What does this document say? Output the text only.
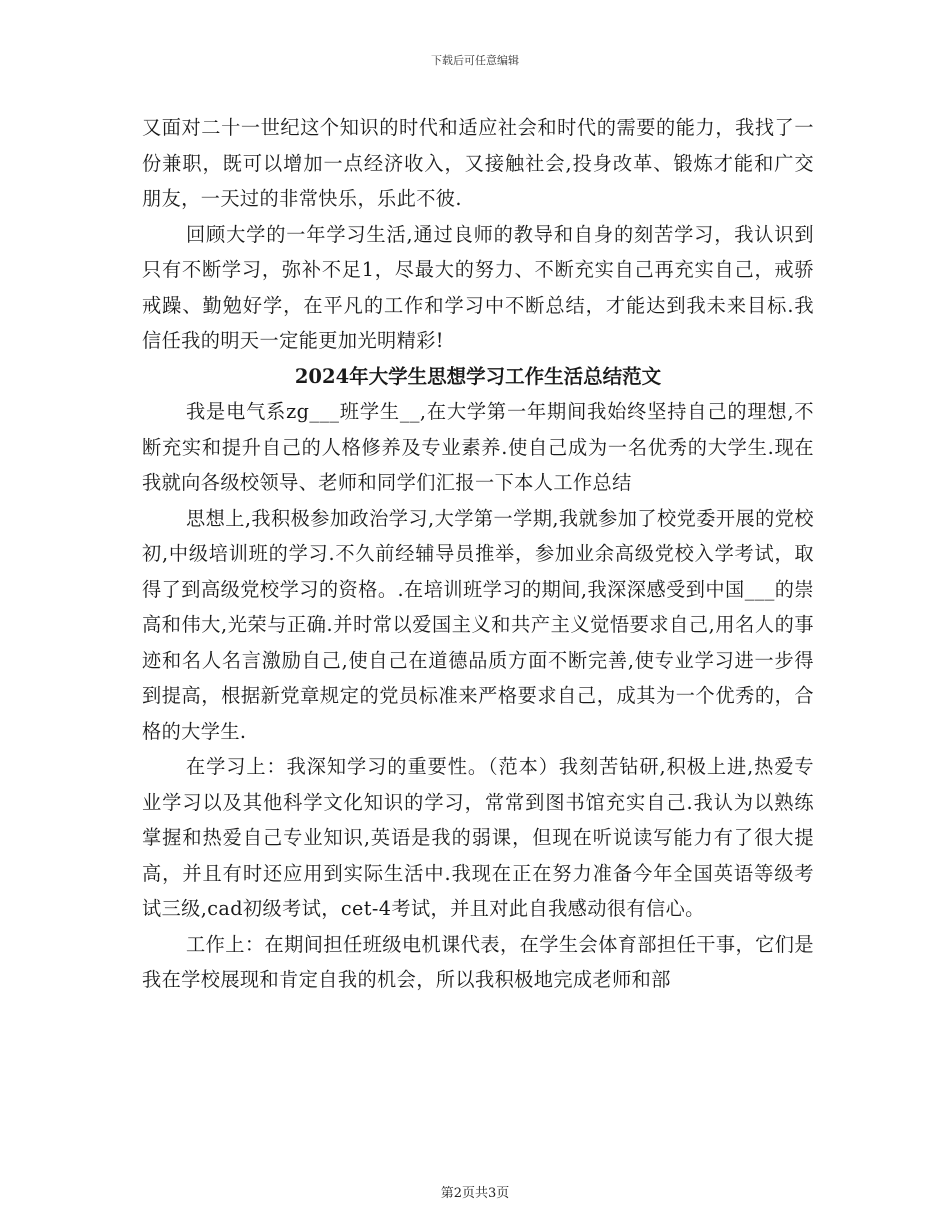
下载后可任意编辑

又面对二十一世纪这个知识的时代和适应社会和时代的需要的能力，我找了一份兼职，既可以增加一点经济收入，又接触社会,投身改革、锻炼才能和广交朋友，一天过的非常快乐，乐此不彼.

回顾大学的一年学习生活,通过良师的教导和自身的刻苦学习，我认识到只有不断学习，弥补不足1，尽最大的努力、不断充实自己再充实自己，戒骄戒躁、勤勉好学，在平凡的工作和学习中不断总结，才能达到我未来目标.我信任我的明天一定能更加光明精彩!

2024年大学生思想学习工作生活总结范文

我是电气系zg___班学生__,在大学第一年期间我始终坚持自己的理想,不断充实和提升自己的人格修养及专业素养.使自己成为一名优秀的大学生.现在我就向各级校领导、老师和同学们汇报一下本人工作总结

思想上,我积极参加政治学习,大学第一学期,我就参加了校党委开展的党校初,中级培训班的学习.不久前经辅导员推举，参加业余高级党校入学考试，取得了到高级党校学习的资格。.在培训班学习的期间,我深深感受到中国___的崇高和伟大,光荣与正确.并时常以爱国主义和共产主义觉悟要求自己,用名人的事迹和名人名言激励自己,使自己在道德品质方面不断完善,使专业学习进一步得到提高，根据新党章规定的党员标准来严格要求自己，成其为一个优秀的，合格的大学生.

在学习上：我深知学习的重要性。（范本）我刻苦钻研,积极上进,热爱专业学习以及其他科学文化知识的学习，常常到图书馆充实自己.我认为以熟练掌握和热爱自己专业知识,英语是我的弱课，但现在听说读写能力有了很大提高，并且有时还应用到实际生活中.我现在正在努力准备今年全国英语等级考试三级,cad初级考试，cet-4考试，并且对此自我感动很有信心。

工作上：在期间担任班级电机课代表，在学生会体育部担任干事，它们是我在学校展现和肯定自我的机会，所以我积极地完成老师和部

第2页共3页
